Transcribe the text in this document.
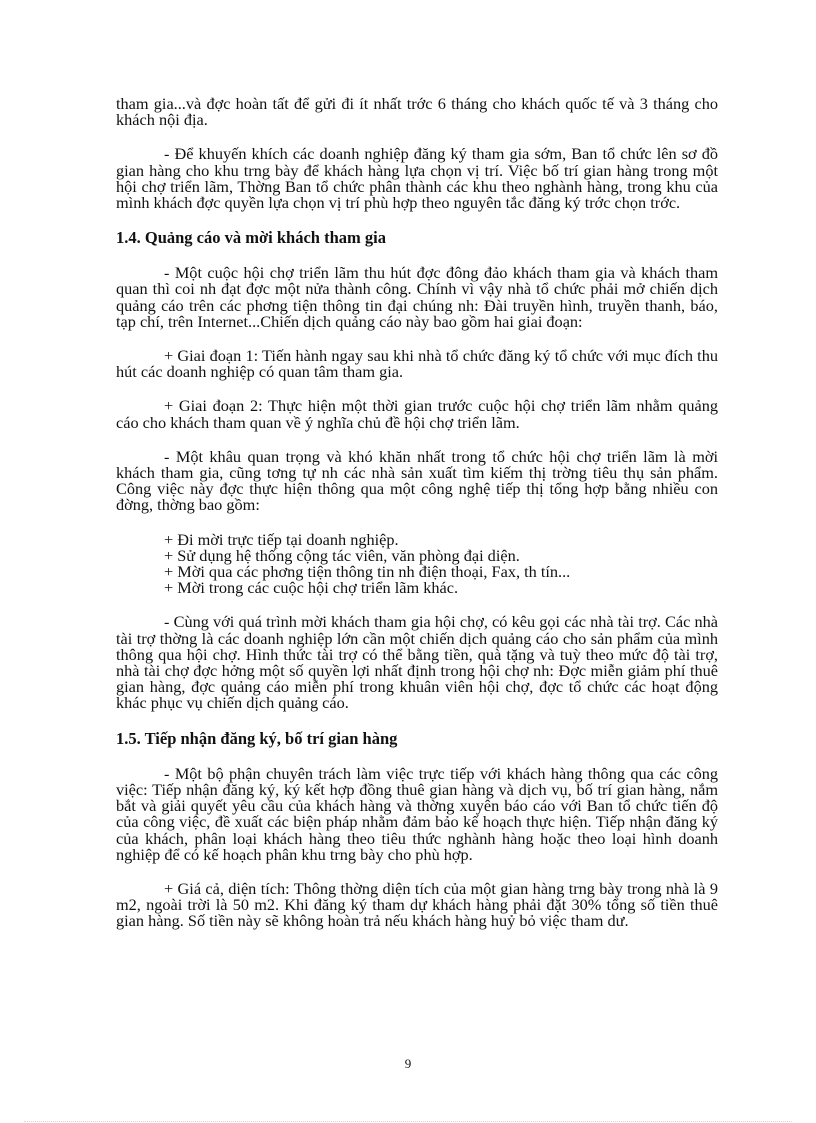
tham gia...và đợc hoàn tất để gửi đi ít nhất trớc 6 tháng cho khách quốc tế và 3 tháng cho khách nội địa.

- Để khuyến khích các doanh nghiệp đăng ký tham gia sớm, Ban tổ chức lên sơ đồ gian hàng cho khu trng bày để khách hàng lựa chọn vị trí. Việc bố trí gian hàng trong một hội chợ triển lãm, Thờng Ban tổ chức phân thành các khu theo nghành hàng, trong khu của mình khách đợc quyền lựa chọn vị trí phù hợp theo nguyên tắc đăng ký trớc chọn trớc.

1.4. Quảng cáo và mời khách tham gia

- Một cuộc hội chợ triển lãm thu hút đợc đông đảo khách tham gia và khách tham quan thì coi nh đạt đợc một nửa thành công. Chính vì vậy nhà tổ chức phải mở chiến dịch quảng cáo trên các phơng tiện thông tin đại chúng nh: Đài truyền hình, truyền thanh, báo, tạp chí, trên Internet...Chiến dịch quảng cáo này bao gồm hai giai đoạn:

+ Giai đoạn 1: Tiến hành ngay sau khi nhà tổ chức đăng ký tổ chức với mục đích thu hút các doanh nghiệp có quan tâm tham gia.

+ Giai đoạn 2: Thực hiện một thời gian trước cuộc hội chợ triển lãm nhằm quảng cáo cho khách tham quan về ý nghĩa chủ đề hội chợ triển lãm.

- Một khâu quan trọng và khó khăn nhất trong tổ chức hội chợ triển lãm là mời khách tham gia, cũng tơng tự nh các nhà sản xuất tìm kiếm thị trờng tiêu thụ sản phẩm. Công việc này đợc thực hiện thông qua một công nghệ tiếp thị tổng hợp bằng nhiều con đờng, thờng bao gồm:

+ Đi mời trực tiếp tại doanh nghiệp.

+ Sử dụng hệ thống cộng tác viên, văn phòng đại diện.

+ Mời qua các phơng tiện thông tin nh điện thoại, Fax, th tín...

+ Mời trong các cuộc hội chợ triển lãm khác.

- Cùng với quá trình mời khách tham gia hội chợ, có kêu gọi các nhà tài trợ. Các nhà tài trợ thờng là các doanh nghiệp lớn cần một chiến dịch quảng cáo cho sản phẩm của mình thông qua hội chợ. Hình thức tài trợ có thể bằng tiền, quà tặng và tuỳ theo mức độ tài trợ, nhà tài chợ đợc hởng một số quyền lợi nhất định trong hội chợ nh: Đợc miễn giảm phí thuê gian hàng, đợc quảng cáo miễn phí trong khuân viên hội chợ, đợc tổ chức các hoạt động khác phục vụ chiến dịch quảng cáo.

1.5. Tiếp nhận đăng ký, bố trí gian hàng

- Một bộ phận chuyên trách làm việc trực tiếp với khách hàng thông qua các công việc: Tiếp nhận đăng ký, ký kết hợp đồng thuê gian hàng và dịch vụ, bố trí gian hàng, nắm bắt và giải quyết yêu cầu của khách hàng và thờng xuyên báo cáo với Ban tổ chức tiến độ của công việc, đề xuất các biện pháp nhằm đảm bảo kế hoạch thực hiện. Tiếp nhận đăng ký của khách, phân loại khách hàng theo tiêu thức nghành hàng hoặc theo loại hình doanh nghiệp để có kế hoạch phân khu trng bày cho phù hợp.

+ Giá cả, diện tích: Thông thờng diện tích của một gian hàng trng bày trong nhà là 9 m2, ngoài trời là 50 m2. Khi đăng ký tham dự khách hàng phải đặt 30% tổng số tiền thuê gian hàng. Số tiền này sẽ không hoàn trả nếu khách hàng huỷ bỏ việc tham dư.

9
